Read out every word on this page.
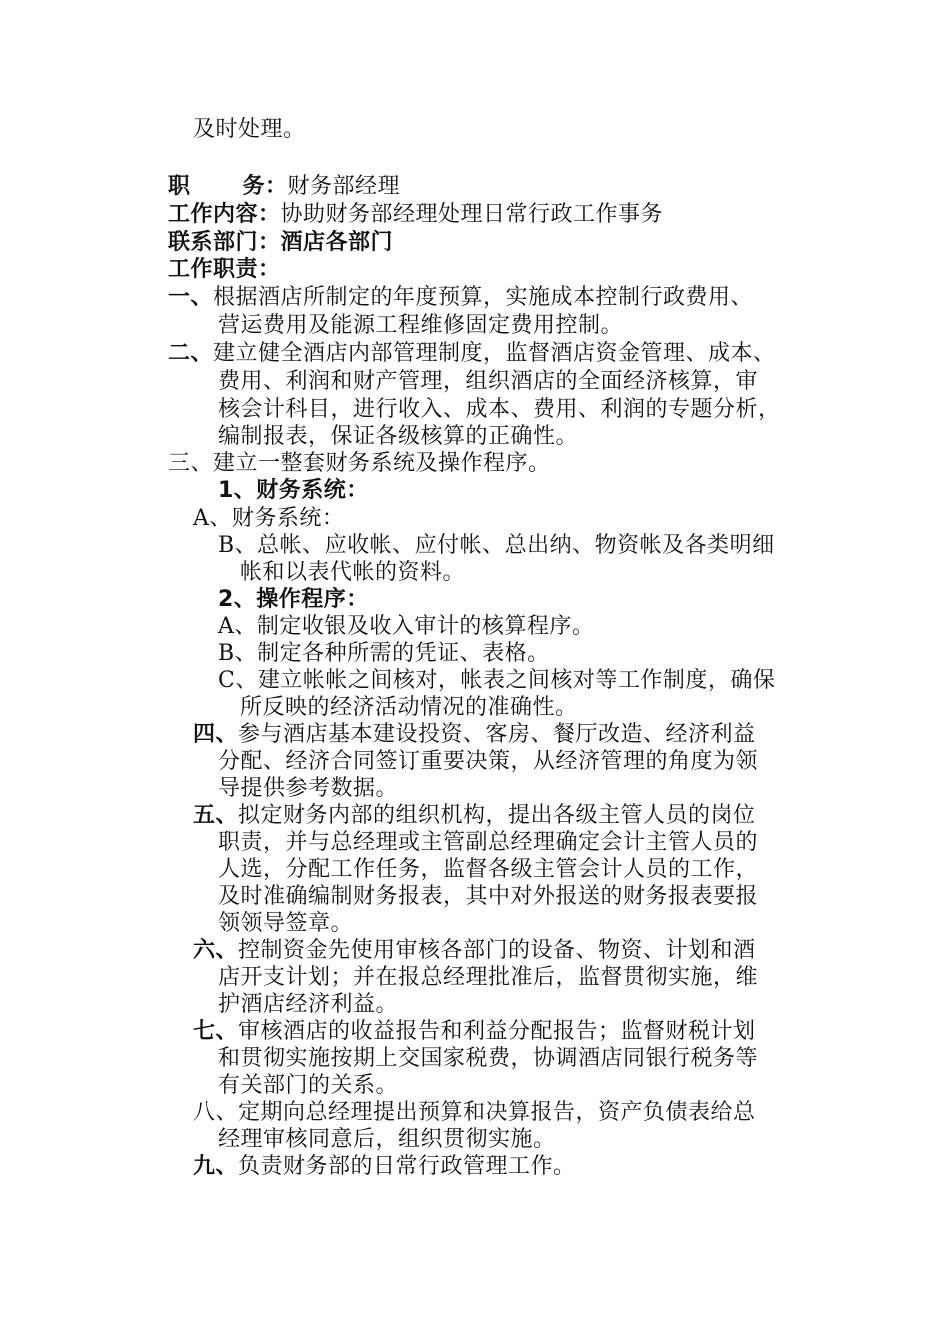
及时处理。
职 务：财务部经理
工作内容：协助财务部经理处理日常行政工作事务
联系部门：酒店各部门
工作职责：
一、根据酒店所制定的年度预算，实施成本控制行政费用、
营运费用及能源工程维修固定费用控制。
二、建立健全酒店内部管理制度，监督酒店资金管理、成本、
费用、利润和财产管理，组织酒店的全面经济核算，审
核会计科目，进行收入、成本、费用、利润的专题分析，
编制报表，保证各级核算的正确性。
三、建立一整套财务系统及操作程序。
1、财务系统：
A、财务系统：
B、总帐、应收帐、应付帐、总出纳、物资帐及各类明细
帐和以表代帐的资料。
2、操作程序：
A、制定收银及收入审计的核算程序。
B、制定各种所需的凭证、表格。
C、建立帐帐之间核对，帐表之间核对等工作制度，确保
所反映的经济活动情况的准确性。
四、参与酒店基本建设投资、客房、餐厅改造、经济利益
分配、经济合同签订重要决策，从经济管理的角度为领
导提供参考数据。
五、拟定财务内部的组织机构，提出各级主管人员的岗位
职责，并与总经理或主管副总经理确定会计主管人员的
人选，分配工作任务，监督各级主管会计人员的工作，
及时准确编制财务报表，其中对外报送的财务报表要报
领领导签章。
六、控制资金先使用审核各部门的设备、物资、计划和酒
店开支计划；并在报总经理批准后，监督贯彻实施，维
护酒店经济利益。
七、审核酒店的收益报告和利益分配报告；监督财税计划
和贯彻实施按期上交国家税费，协调酒店同银行税务等
有关部门的关系。
八、定期向总经理提出预算和决算报告，资产负债表给总
经理审核同意后，组织贯彻实施。
九、负责财务部的日常行政管理工作。
